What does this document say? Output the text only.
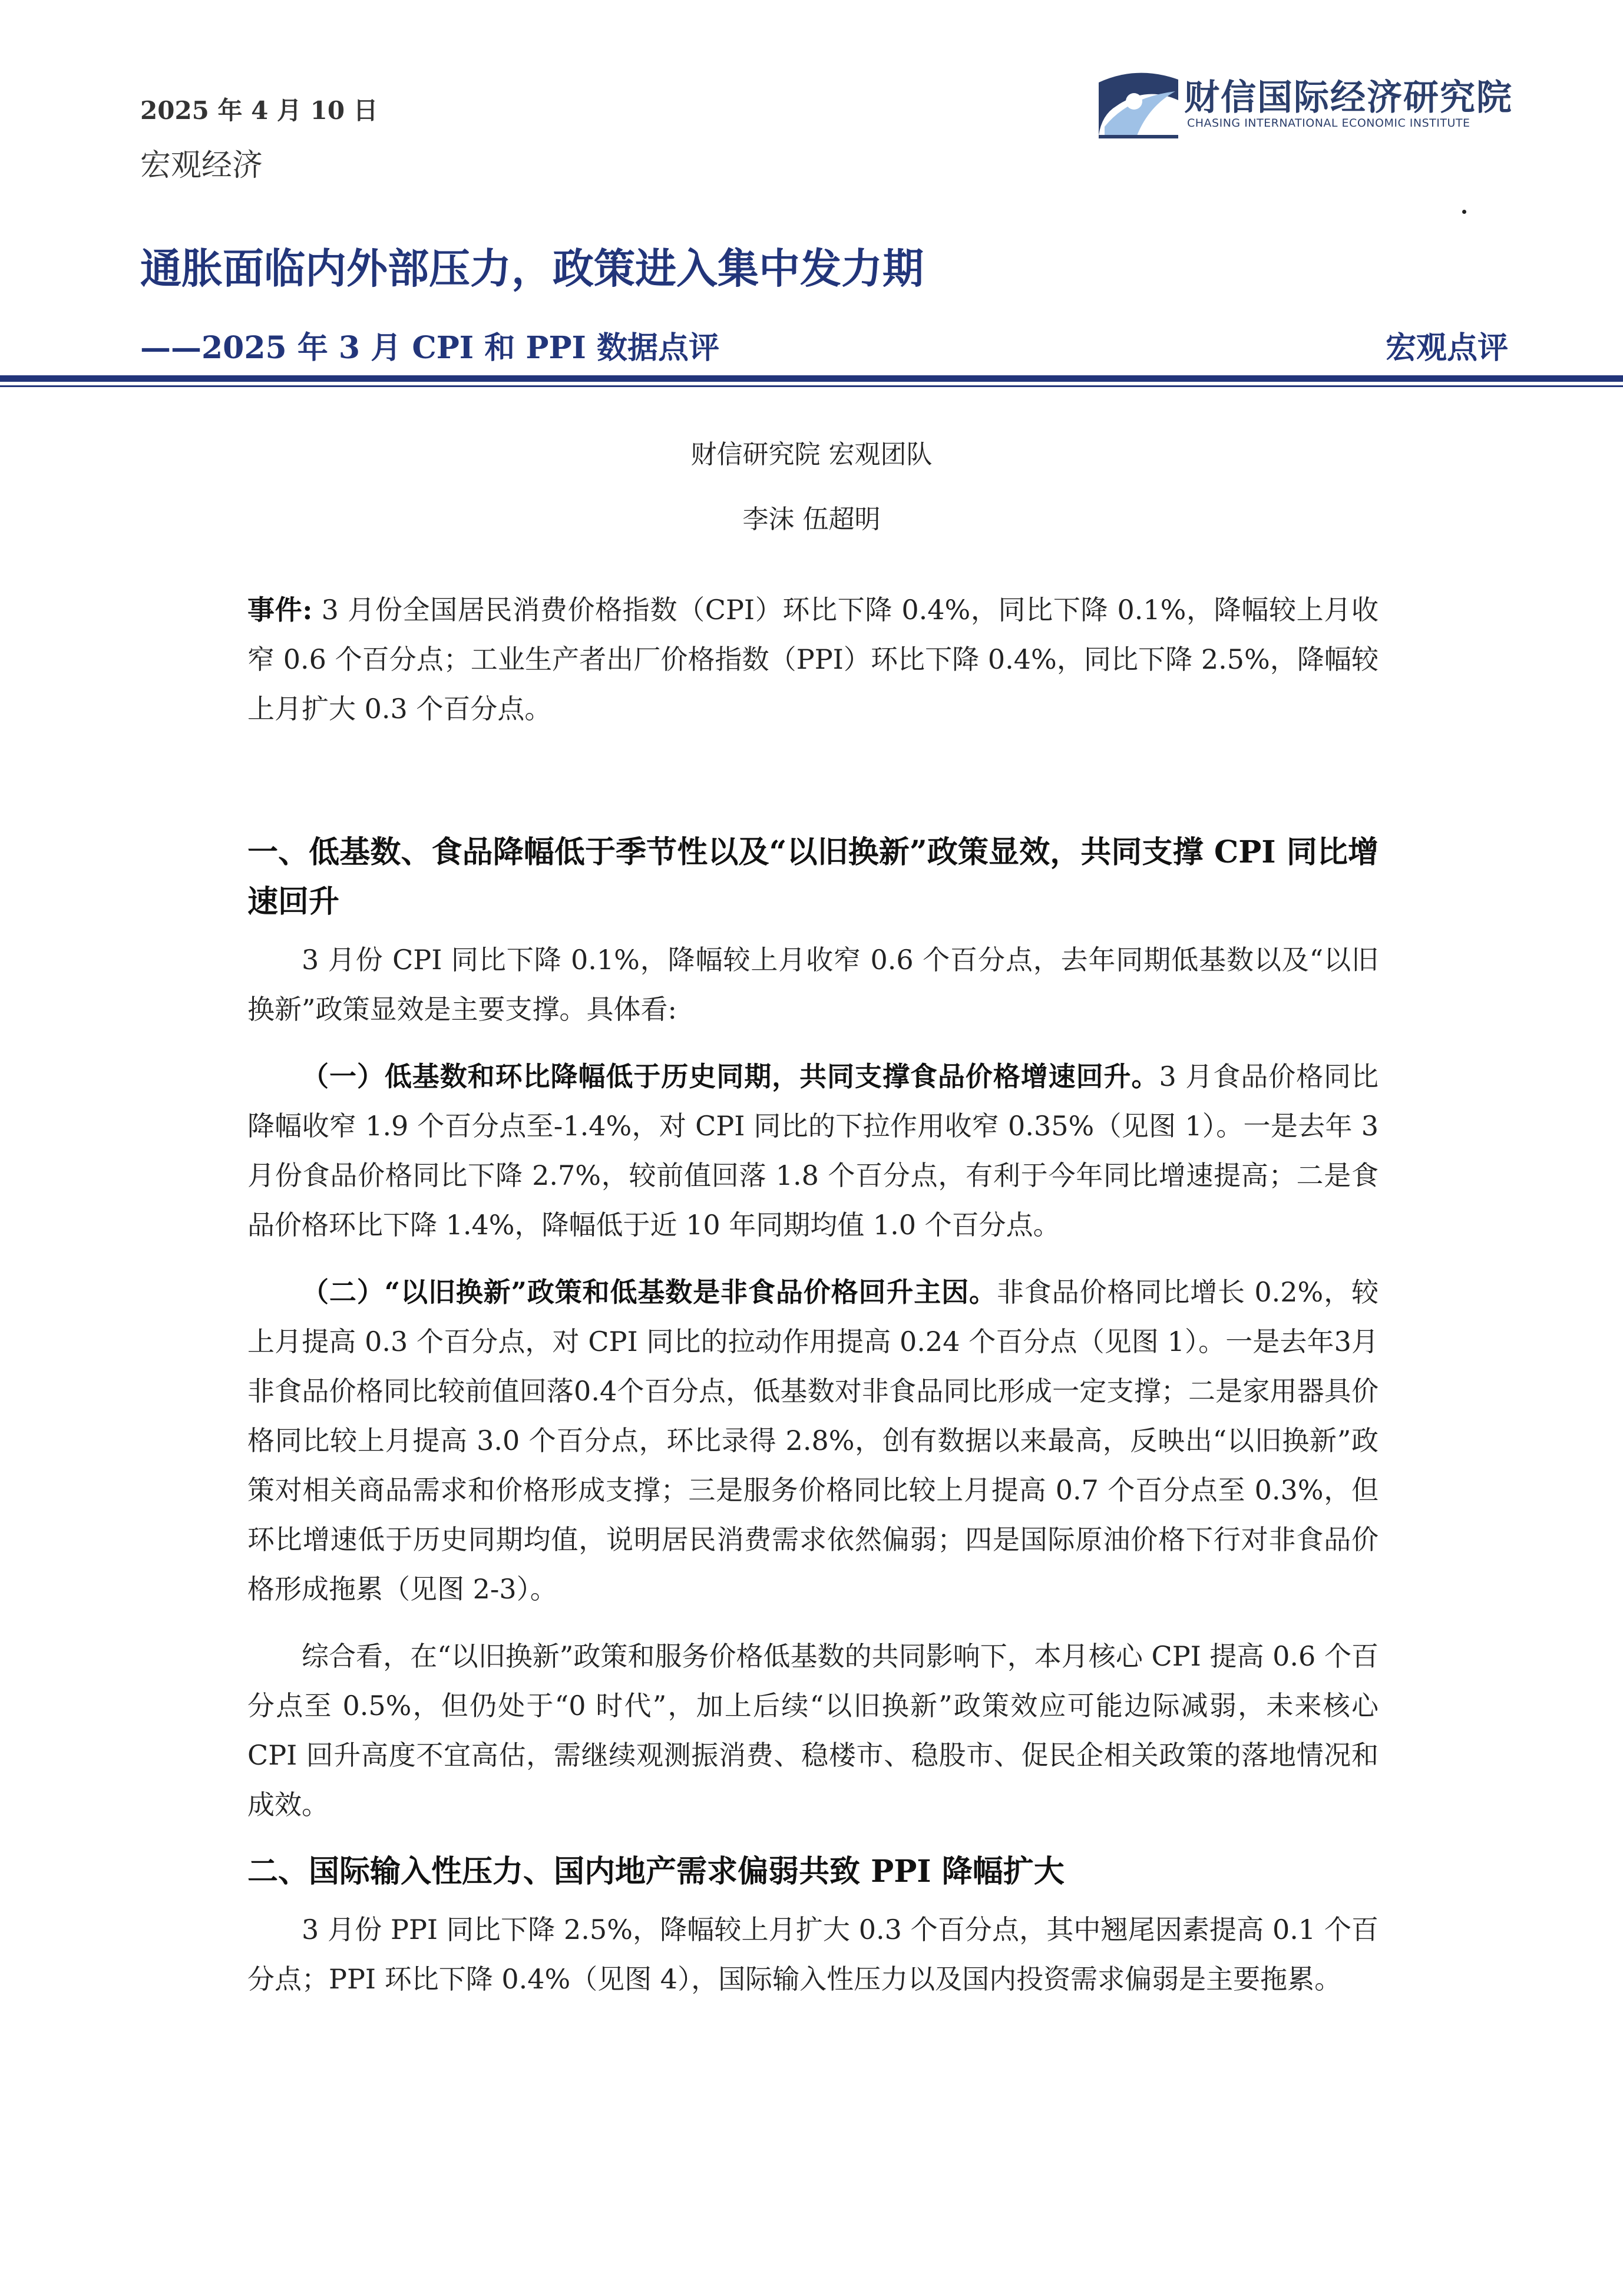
2025 年 4 月 10 日
宏观经济
财信国际经济研究院
CHASING INTERNATIONAL ECONOMIC INSTITUTE
通胀面临内外部压力，政策进入集中发力期
——2025 年 3 月 CPI 和 PPI 数据点评	宏观点评
财信研究院 宏观团队
李沫 伍超明

事件: 3 月份全国居民消费价格指数（CPI）环比下降 0.4%，同比下降 0.1%，降幅较上月收窄 0.6 个百分点；工业生产者出厂价格指数（PPI）环比下降 0.4%，同比下降 2.5%，降幅较上月扩大 0.3 个百分点。

一、低基数、食品降幅低于季节性以及“以旧换新”政策显效，共同支撑 CPI 同比增速回升

3 月份 CPI 同比下降 0.1%，降幅较上月收窄 0.6 个百分点，去年同期低基数以及“以旧换新”政策显效是主要支撑。具体看:

（一）低基数和环比降幅低于历史同期，共同支撑食品价格增速回升。3 月食品价格同比降幅收窄 1.9 个百分点至-1.4%，对 CPI 同比的下拉作用收窄 0.35%（见图 1）。一是去年 3 月份食品价格同比下降 2.7%，较前值回落 1.8 个百分点，有利于今年同比增速提高；二是食品价格环比下降 1.4%，降幅低于近 10 年同期均值 1.0 个百分点。

（二）“以旧换新”政策和低基数是非食品价格回升主因。非食品价格同比增长 0.2%，较上月提高 0.3 个百分点，对 CPI 同比的拉动作用提高 0.24 个百分点（见图 1）。一是去年3月非食品价格同比较前值回落0.4个百分点，低基数对非食品同比形成一定支撑；二是家用器具价格同比较上月提高 3.0 个百分点，环比录得 2.8%，创有数据以来最高，反映出“以旧换新”政策对相关商品需求和价格形成支撑；三是服务价格同比较上月提高 0.7 个百分点至 0.3%，但环比增速低于历史同期均值，说明居民消费需求依然偏弱；四是国际原油价格下行对非食品价格形成拖累（见图 2-3）。

综合看，在“以旧换新”政策和服务价格低基数的共同影响下，本月核心 CPI 提高 0.6 个百分点至 0.5%，但仍处于“0 时代”，加上后续“以旧换新”政策效应可能边际减弱，未来核心 CPI 回升高度不宜高估，需继续观测振消费、稳楼市、稳股市、促民企相关政策的落地情况和成效。

二、国际输入性压力、国内地产需求偏弱共致 PPI 降幅扩大

3 月份 PPI 同比下降 2.5%，降幅较上月扩大 0.3 个百分点，其中翘尾因素提高 0.1 个百分点；PPI 环比下降 0.4%（见图 4），国际输入性压力以及国内投资需求偏弱是主要拖累。
